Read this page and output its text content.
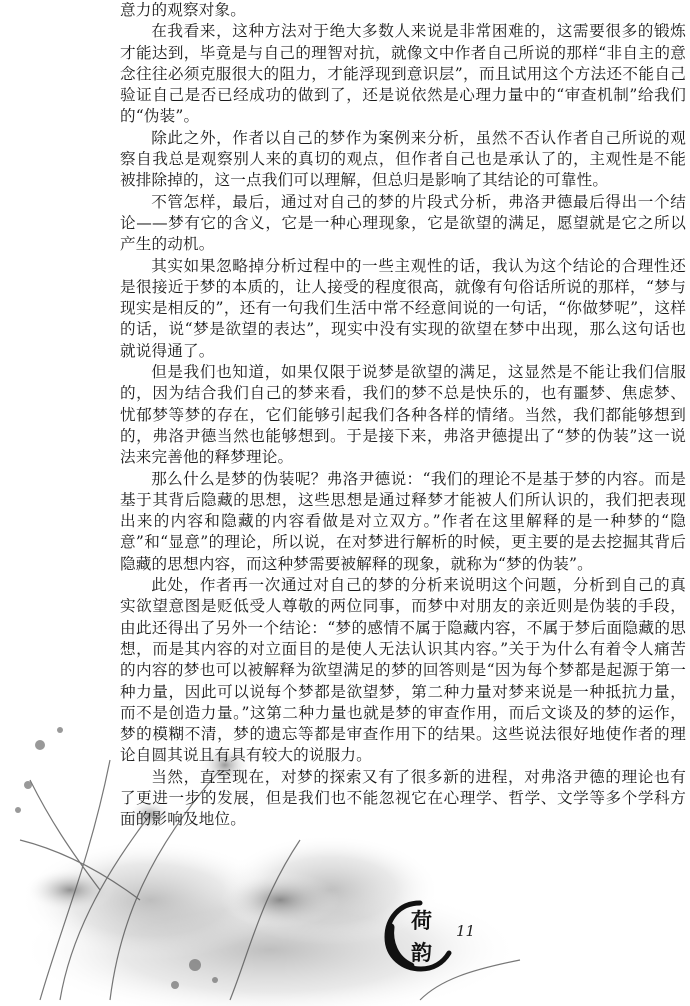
意力的观察对象。

在我看来，这种方法对于绝大多数人来说是非常困难的，这需要很多的锻炼才能达到，毕竟是与自己的理智对抗，就像文中作者自己所说的那样“非自主的意念往往必须克服很大的阻力，才能浮现到意识层”，而且试用这个方法还不能自己验证自己是否已经成功的做到了，还是说依然是心理力量中的“审查机制”给我们的“伪装”。

除此之外，作者以自己的梦作为案例来分析，虽然不否认作者自己所说的观察自我总是观察别人来的真切的观点，但作者自己也是承认了的，主观性是不能被排除掉的，这一点我们可以理解，但总归是影响了其结论的可靠性。

不管怎样，最后，通过对自己的梦的片段式分析，弗洛尹德最后得出一个结论——梦有它的含义，它是一种心理现象，它是欲望的满足，愿望就是它之所以产生的动机。

其实如果忽略掉分析过程中的一些主观性的话，我认为这个结论的合理性还是很接近于梦的本质的，让人接受的程度很高，就像有句俗话所说的那样，“梦与现实是相反的”，还有一句我们生活中常不经意间说的一句话，“你做梦呢”，这样的话，说“梦是欲望的表达”，现实中没有实现的欲望在梦中出现，那么这句话也就说得通了。

但是我们也知道，如果仅限于说梦是欲望的满足，这显然是不能让我们信服的，因为结合我们自己的梦来看，我们的梦不总是快乐的，也有噩梦、焦虑梦、忧郁梦等梦的存在，它们能够引起我们各种各样的情绪。当然，我们都能够想到的，弗洛尹德当然也能够想到。于是接下来，弗洛尹德提出了“梦的伪装”这一说法来完善他的释梦理论。

那么什么是梦的伪装呢？弗洛尹德说：“我们的理论不是基于梦的内容。而是基于其背后隐藏的思想，这些思想是通过释梦才能被人们所认识的，我们把表现出来的内容和隐藏的内容看做是对立双方。”作者在这里解释的是一种梦的“隐意”和“显意”的理论，所以说，在对梦进行解析的时候，更主要的是去挖掘其背后隐藏的思想内容，而这种梦需要被解释的现象，就称为“梦的伪装”。

此处，作者再一次通过对自己的梦的分析来说明这个问题，分析到自己的真实欲望意图是贬低受人尊敬的两位同事，而梦中对朋友的亲近则是伪装的手段，由此还得出了另外一个结论：“梦的感情不属于隐藏内容，不属于梦后面隐藏的思想，而是其内容的对立面目的是使人无法认识其内容。”关于为什么有着令人痛苦的内容的梦也可以被解释为欲望满足的梦的回答则是“因为每个梦都是起源于第一种力量，因此可以说每个梦都是欲望梦，第二种力量对梦来说是一种抵抗力量，而不是创造力量。”这第二种力量也就是梦的审查作用，而后文谈及的梦的运作，梦的模糊不清，梦的遗忘等都是审查作用下的结果。这些说法很好地使作者的理论自圆其说且有具有较大的说服力。

当然，直至现在，对梦的探索又有了很多新的进程，对弗洛尹德的理论也有了更进一步的发展，但是我们也不能忽视它在心理学、哲学、文学等多个学科方面的影响及地位。

荷
韵
11
